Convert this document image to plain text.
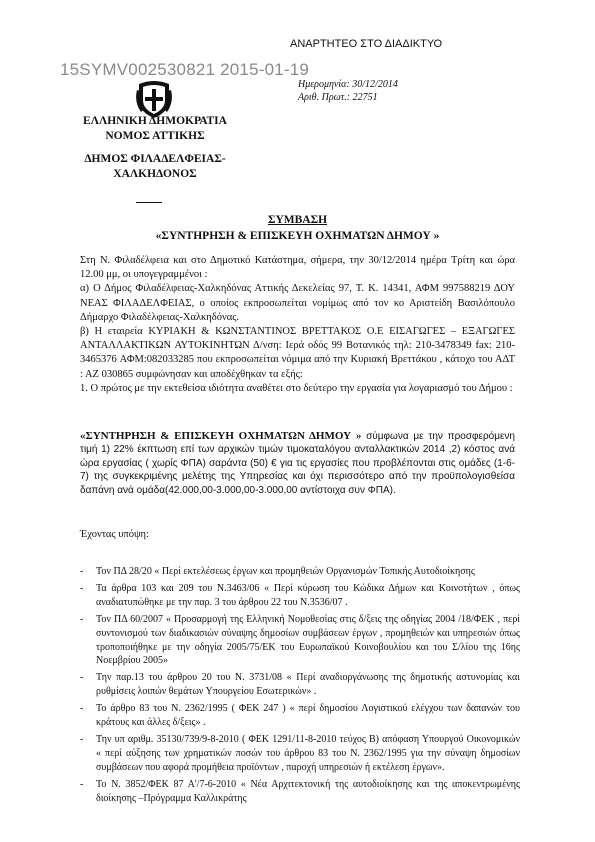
ΑΝΑΡΤΗΤΕΟ ΣΤΟ ΔΙΑΔΙΚΤΥΟ
15SYMV002530821 2015-01-19
Ημερομηνία: 30/12/2014
Αριθ. Πρωτ.: 22751
ΕΛΛΗΝΙΚΗ ΔΗΜΟΚΡΑΤΙΑ
ΝΟΜΟΣ ΑΤΤΙΚΗΣ
ΔΗΜΟΣ ΦΙΛΑΔΕΛΦΕΙΑΣ-
ΧΑΛΚΗΔΟΝΟΣ
ΣΥΜΒΑΣΗ
«ΣΥΝΤΗΡΗΣΗ & ΕΠΙΣΚΕΥΗ ΟΧΗΜΑΤΩΝ ΔΗΜΟΥ »
Στη Ν. Φιλαδέλφεια και στο Δημοτικό Κατάστημα, σήμερα, την 30/12/2014 ημέρα Τρίτη και ώρα 12.00 μμ, οι υπογεγραμμένοι :
α) Ο Δήμος Φιλαδέλφειας-Χαλκηδόνας Αττικής Δεκελείας 97, Τ. Κ. 14341, ΑΦΜ 997588219 ΔΟΥ ΝΕΑΣ ΦΙΛΑΔΕΛΦΕΙΑΣ, ο οποίος εκπροσωπείται νομίμως από τον κο Αριστείδη Βασιλόπουλο Δήμαρχο Φιλαδέλφειας-Χαλκηδόνας.
β) Η εταιρεία ΚΥΡΙΑΚΗ & ΚΩΝΣΤΑΝΤΙΝΟΣ ΒΡΕΤΤΑΚΟΣ Ο.Ε ΕΙΣΑΓΩΓΕΣ – ΕΞΑΓΩΓΕΣ ΑΝΤΑΛΛΑΚΤΙΚΩΝ ΑΥΤΟΚΙΝΗΤΩΝ Δ/νση: Ιερά οδός 99 Βοτανικός τηλ: 210-3478349 fax: 210-3465376 ΑΦΜ:082033285 που εκπροσωπείται νόμιμα από την Κυριακή Βρεττάκου , κάτοχο του ΑΔΤ : ΑΖ 030865 συμφώνησαν και αποδέχθηκαν τα εξής:
1. Ο πρώτος με την εκτεθείσα ιδιότητα αναθέτει στο δεύτερο την εργασία για λογαριασμό του Δήμου :
«ΣΥΝΤΗΡΗΣΗ & ΕΠΙΣΚΕΥΗ ΟΧΗΜΑΤΩΝ ΔΗΜΟΥ » σύμφωνα με την προσφερόμενη τιμή 1) 22% έκπτωση επί των αρχικών τιμών τιμοκαταλόγου ανταλλακτικών 2014 ,2) κόστος ανά ώρα εργασίας ( χωρίς ΦΠΑ) σαράντα (50) € για τις εργασίες που προβλέπονται στις ομάδες (1-6-7) της συγκεκριμένης μελέτης της Υπηρεσίας και όχι περισσότερο από την προϋπολογισθείσα δαπάνη ανά ομάδα(42.000,00-3.000,00-3.000,00 αντίστοιχα συν ΦΠΑ).
Έχοντας υπόψη:
-	Τον ΠΔ 28/20 « Περί εκτελέσεως έργων και προμηθειών Οργανισμών Τοπικής Αυτοδιοίκησης
-	Τα άρθρα 103 και 209 του Ν.3463/06 « Περί κύρωση του Κώδικα Δήμων και Κοινοτήτων , όπως αναδιατυπώθηκε με την παρ. 3 του άρθρου 22 του Ν.3536/07 .
-	Τον ΠΔ 60/2007 « Προσαρμογή της Ελληνική Νομοθεσίας στις δ/ξεις της οδηγίας 2004 /18/ΦΕΚ , περί συντονισμού των διαδικασιών σύναψης δημοσίων συμβάσεων έργων , προμηθειών και υπηρεσιών όπως τροποποιήθηκε με την οδηγία 2005/75/ΕΚ του Ευρωπαϊκού Κοινοβουλίου και του Σ/λίου της 16ης Νοεμβρίου 2005»
-	Την παρ.13 του άρθρου 20 του Ν. 3731/08 « Περί αναδιοργάνωσης της δημοτικής αστυνομίας και ρυθμίσεις λοιπών θεμάτων Υπουργείου Εσωτερικών» .
-	Το άρθρο 83 του Ν. 2362/1995 ( ΦΕΚ 247 ) « περί δημοσίου Λογιστικού ελέγχου των δαπανών του κράτους και άλλες δ/ξεις» .
-	Την υπ αριθμ. 35130/739/9-8-2010 ( ΦΕΚ 1291/11-8-2010 τεύχος Β) απόφαση Υπουργού Οικονομικών « περί αύξησης των χρηματικών ποσών του άρθρου 83 του Ν. 2362/1995 για την σύναψη δημοσίων συμβάσεων που αφορά προμήθεια προϊόντων , παροχή υπηρεσιών ή εκτέλεση έργων».
-	Το Ν. 3852/ΦΕΚ 87 Α'/7-6-2010 « Νέα Αρχιτεκτονική της αυτοδιοίκησης και της αποκεντρωμένης διοίκησης –Πρόγραμμα Καλλικράτης
